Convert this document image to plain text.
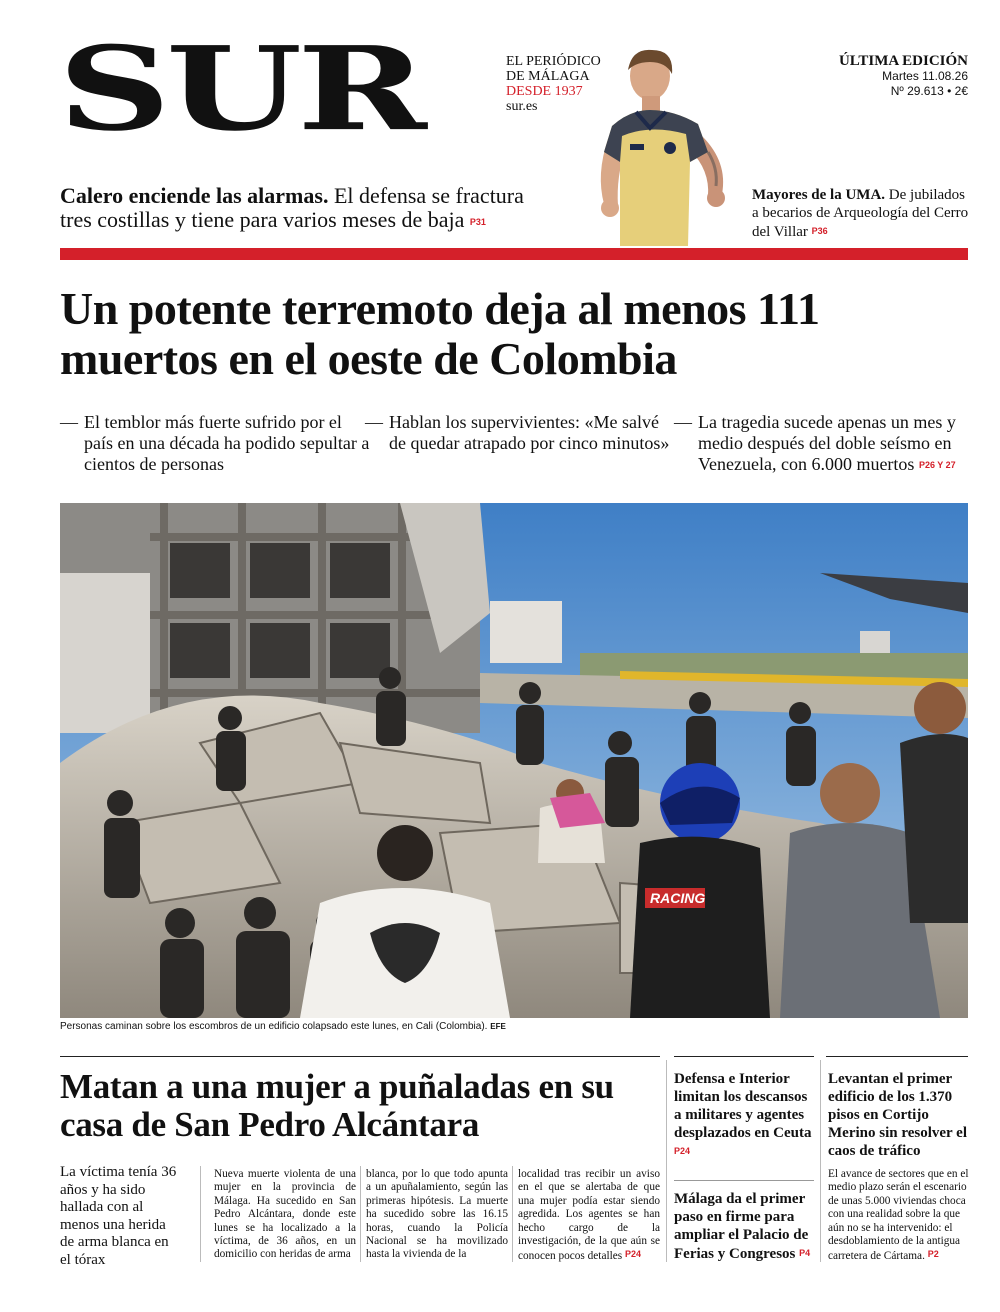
SUR	EL PERIÓDICO
DE MÁLAGA
DESDE 1937
sur.es
ÚLTIMA EDICIÓN
Martes 11.08.26
Nº 29.613 • 2€
Calero enciende las alarmas. El defensa se fractura tres costillas y tiene para varios meses de baja P31
Mayores de la UMA. De jubilados a becarios de Arqueología del Cerro del Villar P36
Un potente terremoto deja al menos 111 muertos en el oeste de Colombia
— El temblor más fuerte sufrido por el país en una década ha podido sepultar a cientos de personas
— Hablan los supervivientes: «Me salvé de quedar atrapado por cinco minutos»
— La tragedia sucede apenas un mes y medio después del doble seísmo en Venezuela, con 6.000 muertos P26 Y 27
RACING
Personas caminan sobre los escombros de un edificio colapsado este lunes, en Cali (Colombia). EFE
Matan a una mujer a puñaladas en su casa de San Pedro Alcántara
La víctima tenía 36 años y ha sido hallada con al menos una herida de arma blanca en el tórax
Nueva muerte violenta de una mujer en la provincia de Málaga. Ha sucedido en San Pedro Alcántara, donde este lunes se ha localizado a la víctima, de 36 años, en un domicilio con heridas de arma
blanca, por lo que todo apunta a un apuñalamiento, según las primeras hipótesis. La muerte ha sucedido sobre las 16.15 horas, cuando la Policía Nacional se ha movilizado hasta la vivienda de la
localidad tras recibir un aviso en el que se alertaba de que una mujer podía estar siendo agredida. Los agentes se han hecho cargo de la investigación, de la que aún se conocen pocos detalles P24
Defensa e Interior limitan los descansos a militares y agentes desplazados en Ceuta P24
Málaga da el primer paso en firme para ampliar el Palacio de Ferias y Congresos P4
Levantan el primer edificio de los 1.370 pisos en Cortijo Merino sin resolver el caos de tráfico
El avance de sectores que en el medio plazo serán el escenario de unas 5.000 viviendas choca con una realidad sobre la que aún no se ha intervenido: el desdoblamiento de la antigua carretera de Cártama. P2
